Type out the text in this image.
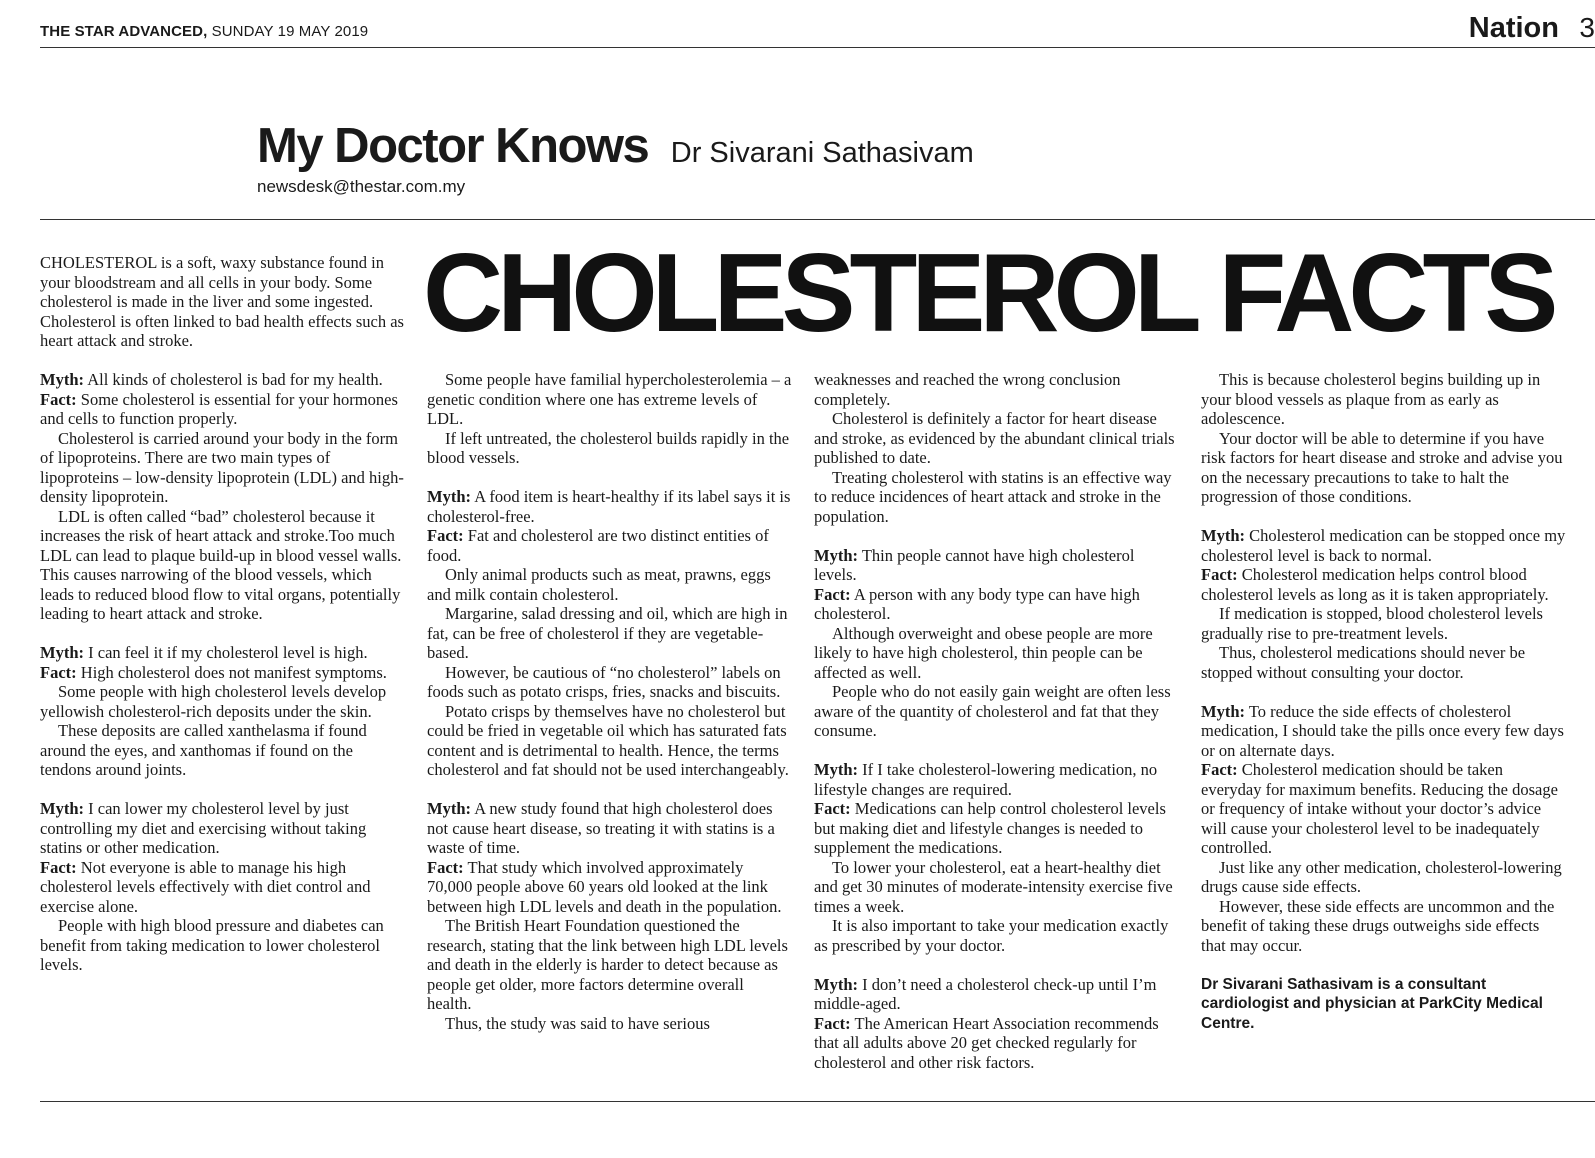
THE STAR ADVANCED, SUNDAY 19 MAY 2019	Nation 3
My Doctor Knows Dr Sivarani Sathasivam
newsdesk@thestar.com.my
CHOLESTEROL FACTS

CHOLESTEROL is a soft, waxy substance found in your bloodstream and all cells in your body. Some cholesterol is made in the liver and some ingested. Cholesterol is often linked to bad health effects such as heart attack and stroke.

Myth: All kinds of cholesterol is bad for my health.

Fact: Some cholesterol is essential for your hormones and cells to function properly.

Cholesterol is carried around your body in the form of lipoproteins. There are two main types of lipoproteins – low-density lipoprotein (LDL) and high-density lipoprotein.

LDL is often called “bad” cholesterol because it increases the risk of heart attack and stroke.Too much LDL can lead to plaque build-up in blood vessel walls. This causes narrowing of the blood vessels, which leads to reduced blood flow to vital organs, potentially leading to heart attack and stroke.

Myth: I can feel it if my cholesterol level is high.

Fact: High cholesterol does not manifest symptoms.

Some people with high cholesterol levels develop yellowish cholesterol-rich deposits under the skin.

These deposits are called xanthelasma if found around the eyes, and xanthomas if found on the tendons around joints.

Myth: I can lower my cholesterol level by just controlling my diet and exercising without taking statins or other medication.

Fact: Not everyone is able to manage his high cholesterol levels effectively with diet control and exercise alone.

People with high blood pressure and diabetes can benefit from taking medication to lower cholesterol levels.

Some people have familial hypercholesterolemia – a genetic condition where one has extreme levels of LDL.

If left untreated, the cholesterol builds rapidly in the blood vessels.

Myth: A food item is heart-healthy if its label says it is cholesterol-free.

Fact: Fat and cholesterol are two distinct entities of food.

Only animal products such as meat, prawns, eggs and milk contain cholesterol.

Margarine, salad dressing and oil, which are high in fat, can be free of cholesterol if they are vegetable-based.

However, be cautious of “no cholesterol” labels on foods such as potato crisps, fries, snacks and biscuits.

Potato crisps by themselves have no cholesterol but could be fried in vegetable oil which has saturated fats content and is detrimental to health. Hence, the terms cholesterol and fat should not be used interchangeably.

Myth: A new study found that high cholesterol does not cause heart disease, so treating it with statins is a waste of time.

Fact: That study which involved approximately 70,000 people above 60 years old looked at the link between high LDL levels and death in the population.

The British Heart Foundation questioned the research, stating that the link between high LDL levels and death in the elderly is harder to detect because as people get older, more factors determine overall health.

Thus, the study was said to have serious

weaknesses and reached the wrong conclusion completely.

Cholesterol is definitely a factor for heart disease and stroke, as evidenced by the abundant clinical trials published to date.

Treating cholesterol with statins is an effective way to reduce incidences of heart attack and stroke in the population.

Myth: Thin people cannot have high cholesterol levels.

Fact: A person with any body type can have high cholesterol.

Although overweight and obese people are more likely to have high cholesterol, thin people can be affected as well.

People who do not easily gain weight are often less aware of the quantity of cholesterol and fat that they consume.

Myth: If I take cholesterol-lowering medication, no lifestyle changes are required.

Fact: Medications can help control cholesterol levels but making diet and lifestyle changes is needed to supplement the medications.

To lower your cholesterol, eat a heart-healthy diet and get 30 minutes of moderate-intensity exercise five times a week.

It is also important to take your medication exactly as prescribed by your doctor.

Myth: I don’t need a cholesterol check-up until I’m middle-aged.

Fact: The American Heart Association recommends that all adults above 20 get checked regularly for cholesterol and other risk factors.

This is because cholesterol begins building up in your blood vessels as plaque from as early as adolescence.

Your doctor will be able to determine if you have risk factors for heart disease and stroke and advise you on the necessary precautions to take to halt the progression of those conditions.

Myth: Cholesterol medication can be stopped once my cholesterol level is back to normal.

Fact: Cholesterol medication helps control blood cholesterol levels as long as it is taken appropriately.

If medication is stopped, blood cholesterol levels gradually rise to pre-treatment levels.

Thus, cholesterol medications should never be stopped without consulting your doctor.

Myth: To reduce the side effects of cholesterol medication, I should take the pills once every few days or on alternate days.

Fact: Cholesterol medication should be taken everyday for maximum benefits. Reducing the dosage or frequency of intake without your doctor’s advice will cause your cholesterol level to be inadequately controlled.

Just like any other medication, cholesterol-lowering drugs cause side effects.

However, these side effects are uncommon and the benefit of taking these drugs outweighs side effects that may occur.

Dr Sivarani Sathasivam is a consultant cardiologist and physician at ParkCity Medical Centre.
